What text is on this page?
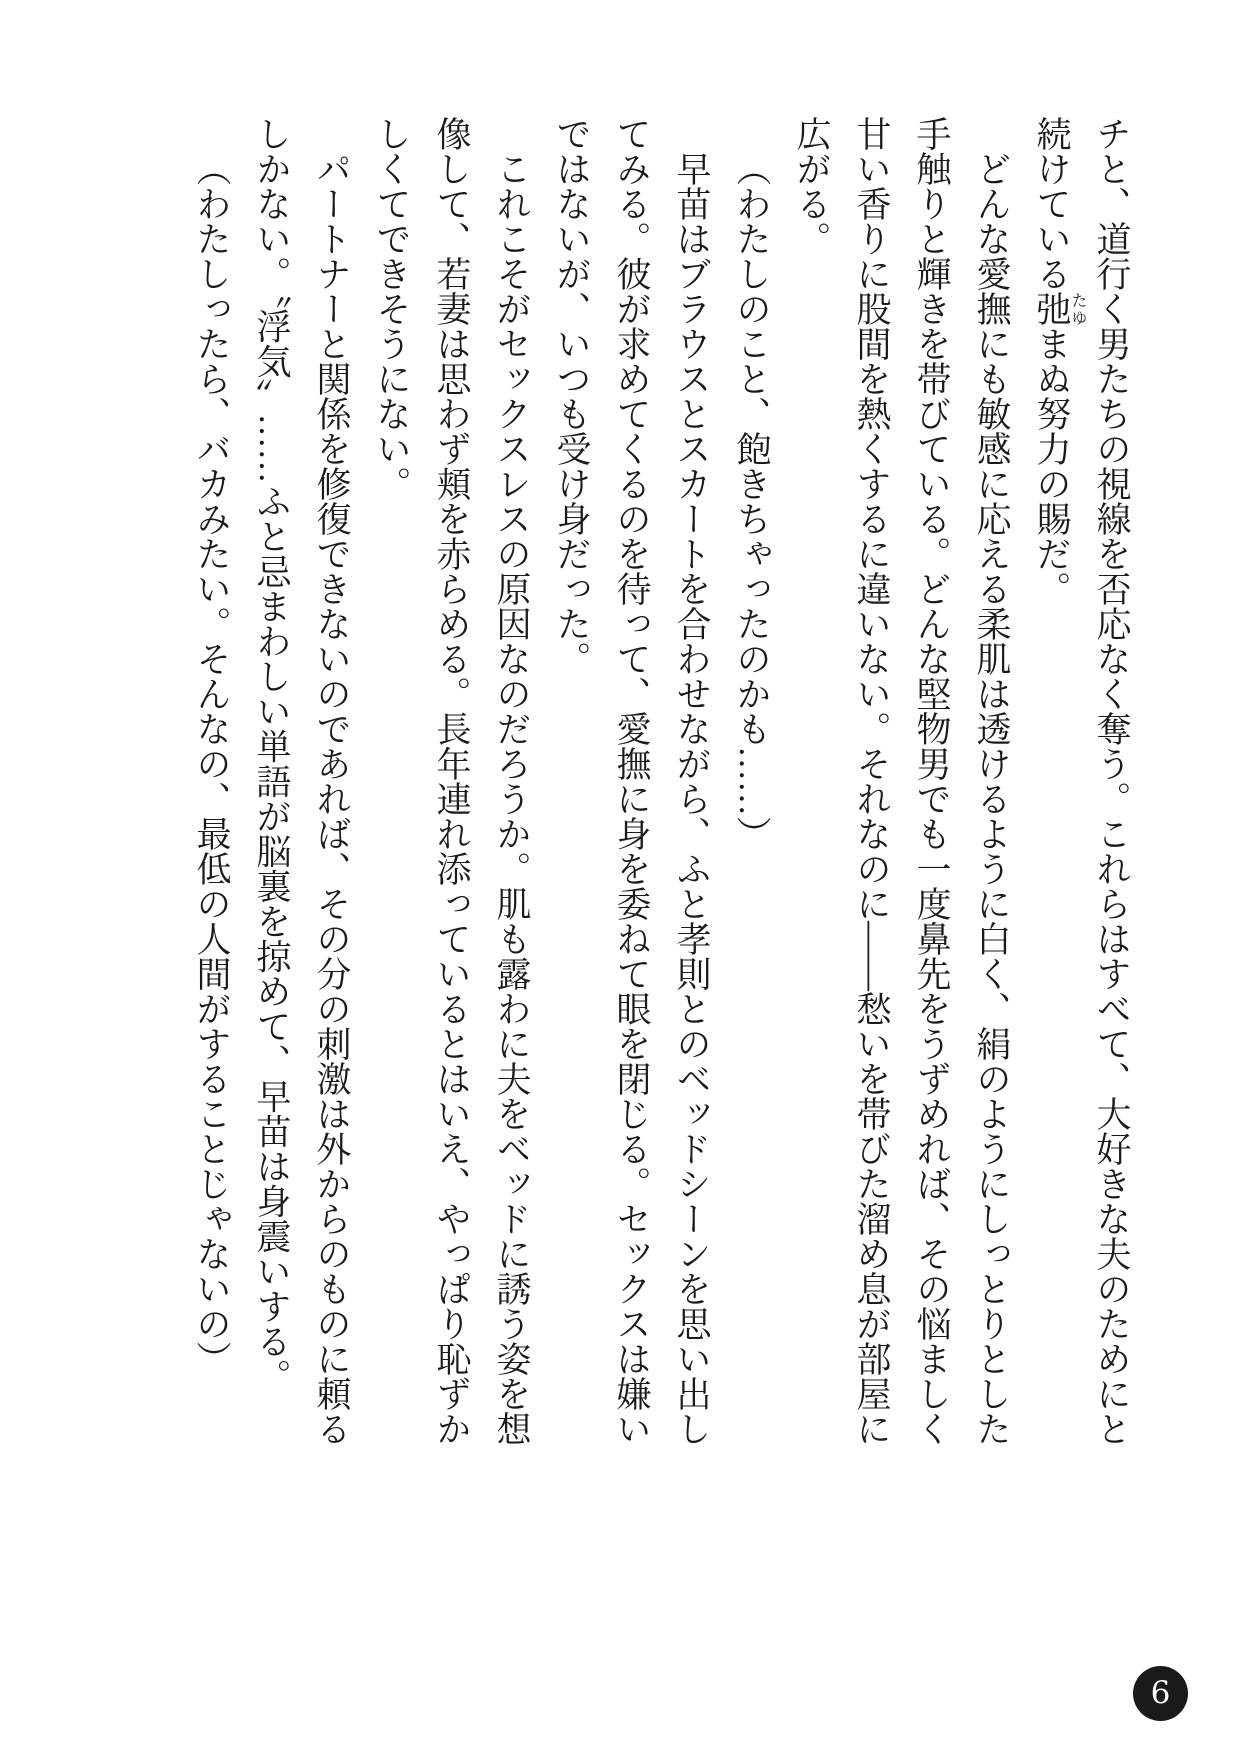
チと、道行く男たちの視線を否応なく奪う。これらはすべて、大好きな夫のためにと続けている弛たゆまぬ努力の賜だ。

どんな愛撫にも敏感に応える柔肌は透けるように白く、絹のようにしっとりとした手触りと輝きを帯びている。どんな堅物男でも一度鼻先をうずめれば、その悩ましく甘い香りに股間を熱くするに違いない。それなのに――愁いを帯びた溜め息が部屋に広がる。

（わたしのこと、飽きちゃったのかも……）

早苗はブラウスとスカートを合わせながら、ふと孝則とのベッドシーンを思い出してみる。彼が求めてくるのを待って、愛撫に身を委ねて眼を閉じる。セックスは嫌いではないが、いつも受け身だった。

これこそがセックスレスの原因なのだろうか。肌も露わに夫をベッドに誘う姿を想像して、若妻は思わず頬を赤らめる。長年連れ添っているとはいえ、やっぱり恥ずかしくてできそうにない。

パートナーと関係を修復できないのであれば、その分の刺激は外からのものに頼るしかない。〝浮気〟……ふと忌まわしい単語が脳裏を掠めて、早苗は身震いする。

（わたしったら、バカみたい。そんなの、最低の人間がすることじゃないの）

6
